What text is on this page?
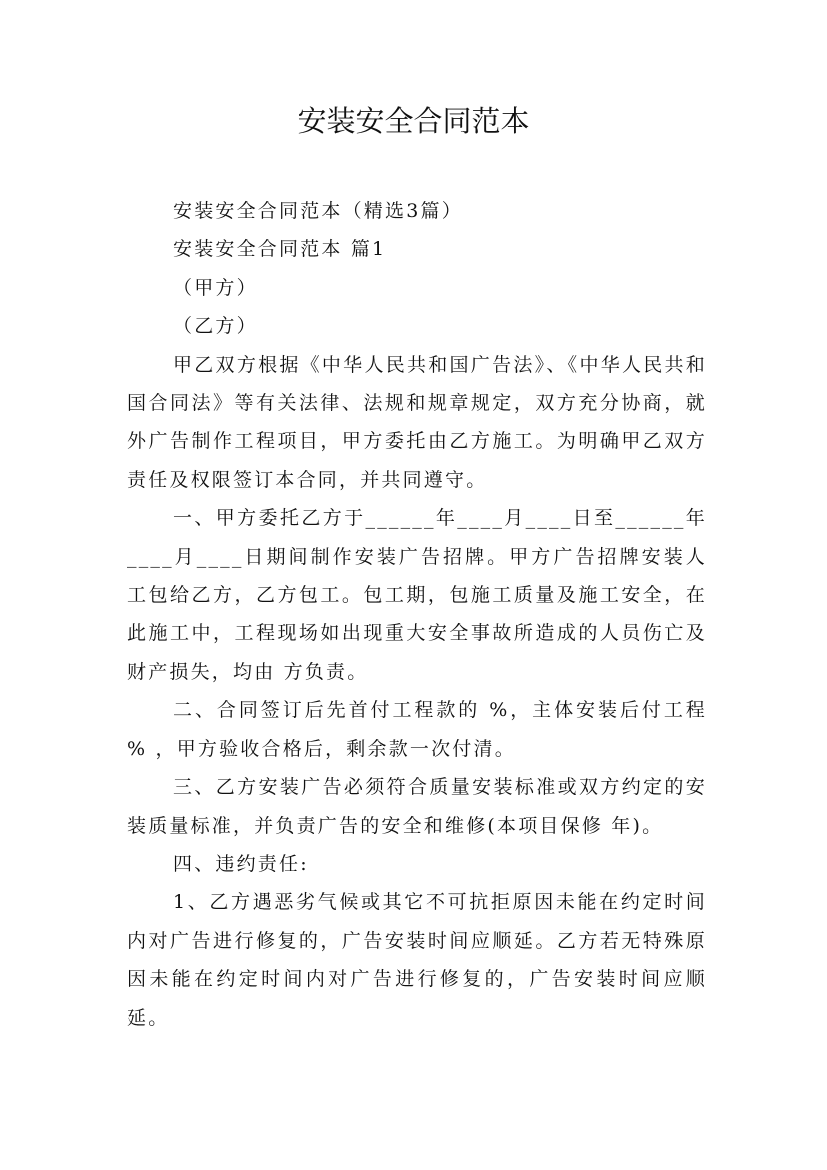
安装安全合同范本

安装安全合同范本（精选3篇）

安装安全合同范本 篇1

（甲方）

（乙方）

甲乙双方根据《中华人民共和国广告法》、《中华人民共和国合同法》等有关法律、法规和规章规定，双方充分协商，就外广告制作工程项目，甲方委托由乙方施工。为明确甲乙双方责任及权限签订本合同，并共同遵守。

一、甲方委托乙方于______年____月____日至______年____月____日期间制作安装广告招牌。甲方广告招牌安装人工包给乙方，乙方包工。包工期，包施工质量及施工安全，在此施工中，工程现场如出现重大安全事故所造成的人员伤亡及财产损失，均由 方负责。

二、合同签订后先首付工程款的 %，主体安装后付工程 % ，甲方验收合格后，剩余款一次付清。

三、乙方安装广告必须符合质量安装标准或双方约定的安装质量标准，并负责广告的安全和维修(本项目保修 年)。

四、违约责任:

1、乙方遇恶劣气候或其它不可抗拒原因未能在约定时间内对广告进行修复的，广告安装时间应顺延。乙方若无特殊原因未能在约定时间内对广告进行修复的，广告安装时间应顺延。
